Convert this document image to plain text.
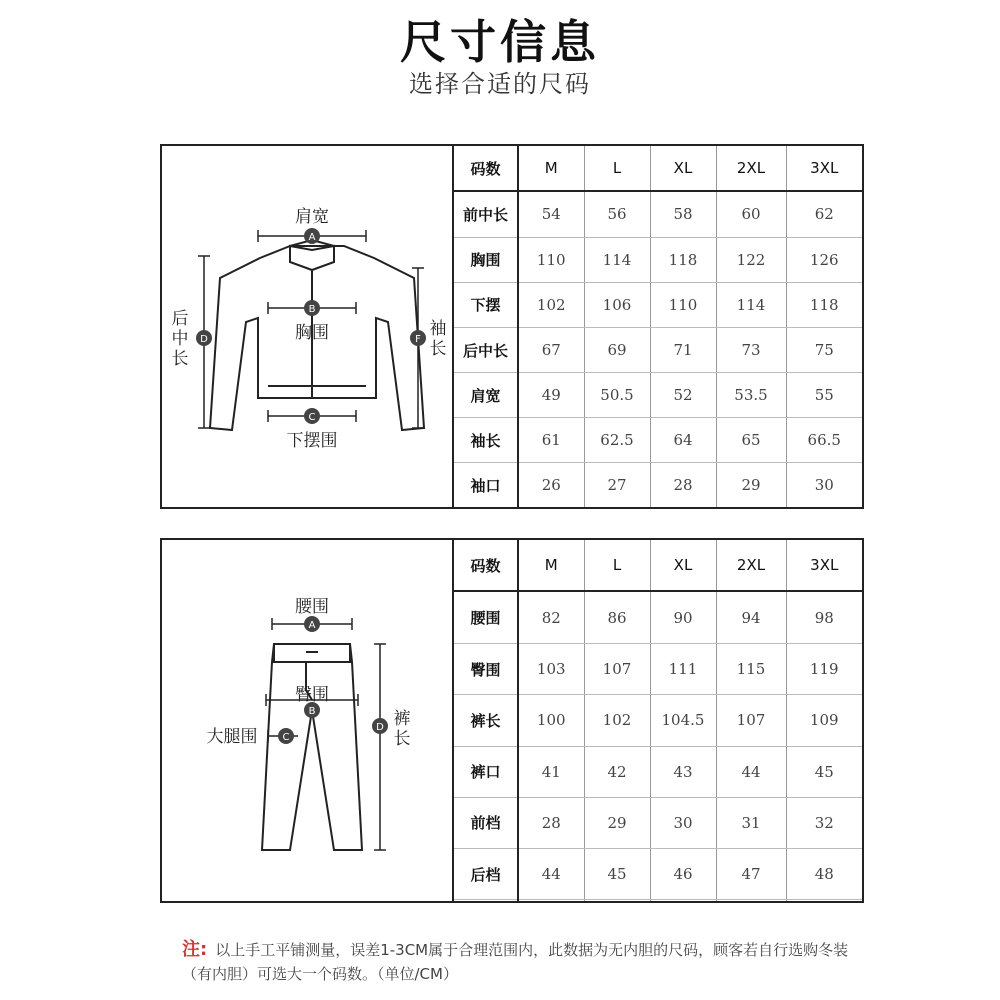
尺寸信息
选择合适的尺码
A
B
C
D	F
肩宽
胸围
下摆围
后
中
长
袖
长
码数	M	L	XL	2XL	3XL
前中长	54	56	58	60	62
胸围	110	114	118	122	126
下摆	102	106	110	114	118
后中长	67	69	71	73	75
肩宽	49	50.5	52	53.5	55
袖长	61	62.5	64	65	66.5
袖口	26	27	28	29	30
A
B
C
D
腰围
臀围
大腿围
裤
长
码数	M	L	XL	2XL	3XL
腰围	82	86	90	94	98
臀围	103	107	111	115	119
裤长	100	102	104.5	107	109
裤口	41	42	43	44	45
前档	28	29	30	31	32
后档	44	45	46	47	48

注: 以上手工平铺测量，误差1-3CM属于合理范围内，此数据为无内胆的尺码，顾客若自行选购冬装（有内胆）可选大一个码数。（单位/CM）
